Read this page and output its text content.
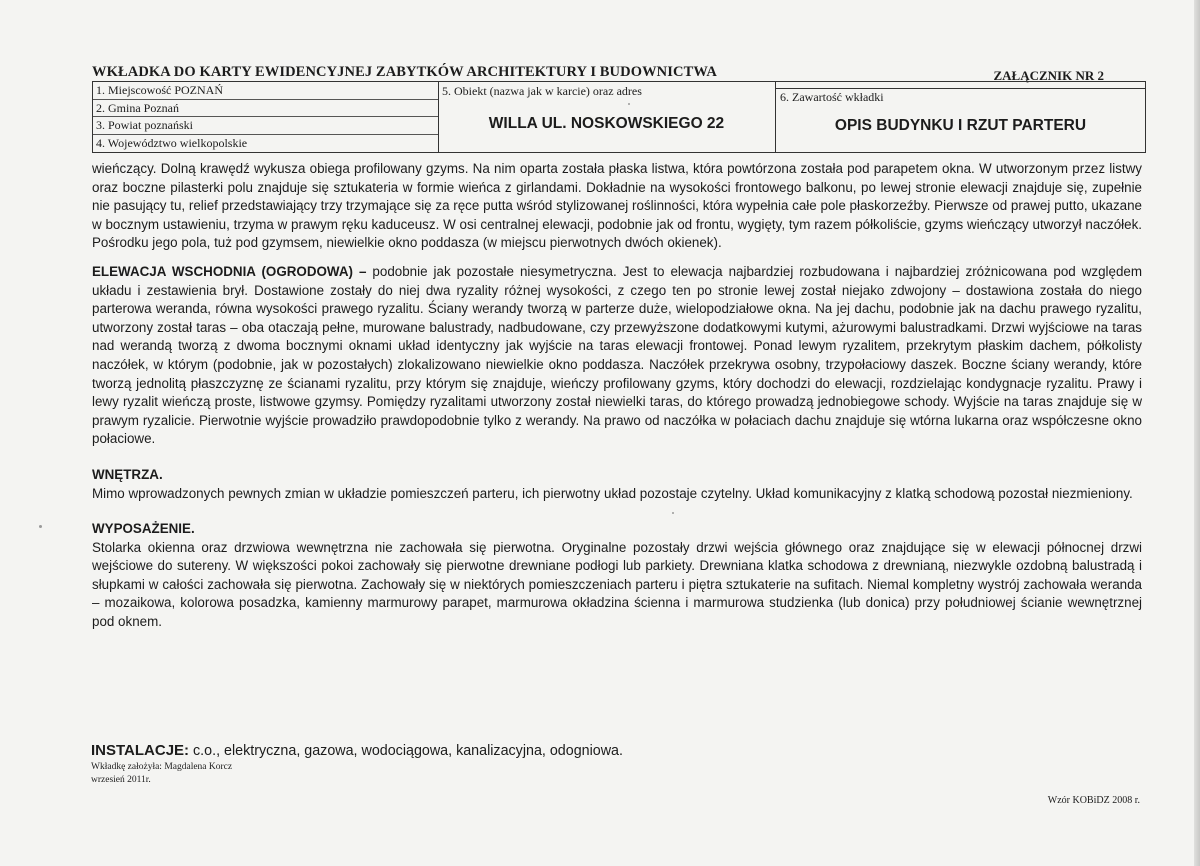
WKŁADKA DO KARTY EWIDENCYJNEJ ZABYTKÓW ARCHITEKTURY I BUDOWNICTWA	ZAŁĄCZNIK NR 2
1. Miejscowość POZNAŃ
2. Gmina Poznań
3. Powiat poznański
4. Województwo wielkopolskie
5. Obiekt (nazwa jak w karcie) oraz adres
WILLA UL. NOSKOWSKIEGO 22
6. Zawartość wkładki
OPIS BUDYNKU I RZUT PARTERU

wieńczący. Dolną krawędź wykusza obiega profilowany gzyms. Na nim oparta została płaska listwa, która powtórzona została pod parapetem okna. W utworzonym przez listwy oraz boczne pilasterki polu znajduje się sztukateria w formie wieńca z girlandami. Dokładnie na wysokości frontowego balkonu, po lewej stronie elewacji znajduje się, zupełnie nie pasujący tu, relief przedstawiający trzy trzymające się za ręce putta wśród stylizowanej roślinności, która wypełnia całe pole płaskorzeźby. Pierwsze od prawej putto, ukazane w bocznym ustawieniu, trzyma w prawym ręku kaduceusz. W osi centralnej elewacji, podobnie jak od frontu, wygięty, tym razem półkoliście, gzyms wieńczący utworzył naczółek. Pośrodku jego pola, tuż pod gzymsem, niewielkie okno poddasza (w miejscu pierwotnych dwóch okienek).

ELEWACJA WSCHODNIA (OGRODOWA) – podobnie jak pozostałe niesymetryczna. Jest to elewacja najbardziej rozbudowana i najbardziej zróżnicowana pod względem układu i zestawienia brył. Dostawione zostały do niej dwa ryzality różnej wysokości, z czego ten po stronie lewej został niejako zdwojony – dostawiona została do niego parterowa weranda, równa wysokości prawego ryzalitu. Ściany werandy tworzą w parterze duże, wielopodziałowe okna. Na jej dachu, podobnie jak na dachu prawego ryzalitu, utworzony został taras – oba otaczają pełne, murowane balustrady, nadbudowane, czy przewyższone dodatkowymi kutymi, ażurowymi balustradkami. Drzwi wyjściowe na taras nad werandą tworzą z dwoma bocznymi oknami układ identyczny jak wyjście na taras elewacji frontowej. Ponad lewym ryzalitem, przekrytym płaskim dachem, półkolisty naczółek, w którym (podobnie, jak w pozostałych) zlokalizowano niewielkie okno poddasza. Naczółek przekrywa osobny, trzypołaciowy daszek. Boczne ściany werandy, które tworzą jednolitą płaszczyznę ze ścianami ryzalitu, przy którym się znajduje, wieńczy profilowany gzyms, który dochodzi do elewacji, rozdzielając kondygnacje ryzalitu. Prawy i lewy ryzalit wieńczą proste, listwowe gzymsy. Pomiędzy ryzalitami utworzony został niewielki taras, do którego prowadzą jednobiegowe schody. Wyjście na taras znajduje się w prawym ryzalicie. Pierwotnie wyjście prowadziło prawdopodobnie tylko z werandy. Na prawo od naczółka w połaciach dachu znajduje się wtórna lukarna oraz współczesne okno połaciowe.

WNĘTRZA.

Mimo wprowadzonych pewnych zmian w układzie pomieszczeń parteru, ich pierwotny układ pozostaje czytelny. Układ komunikacyjny z klatką schodową pozostał niezmieniony.

WYPOSAŻENIE.

Stolarka okienna oraz drzwiowa wewnętrzna nie zachowała się pierwotna. Oryginalne pozostały drzwi wejścia głównego oraz znajdujące się w elewacji północnej drzwi wejściowe do sutereny. W większości pokoi zachowały się pierwotne drewniane podłogi lub parkiety. Drewniana klatka schodowa z drewnianą, niezwykle ozdobną balustradą i słupkami w całości zachowała się pierwotna. Zachowały się w niektórych pomieszczeniach parteru i piętra sztukaterie na sufitach. Niemal kompletny wystrój zachowała weranda – mozaikowa, kolorowa posadzka, kamienny marmurowy parapet, marmurowa okładzina ścienna i marmurowa studzienka (lub donica) przy południowej ścianie wewnętrznej pod oknem.

INSTALACJE: c.o., elektryczna, gazowa, wodociągowa, kanalizacyjna, odogniowa.
Wkładkę założyła: Magdalena Korcz
wrzesień 2011r.
Wzór KOBiDZ 2008 r.
